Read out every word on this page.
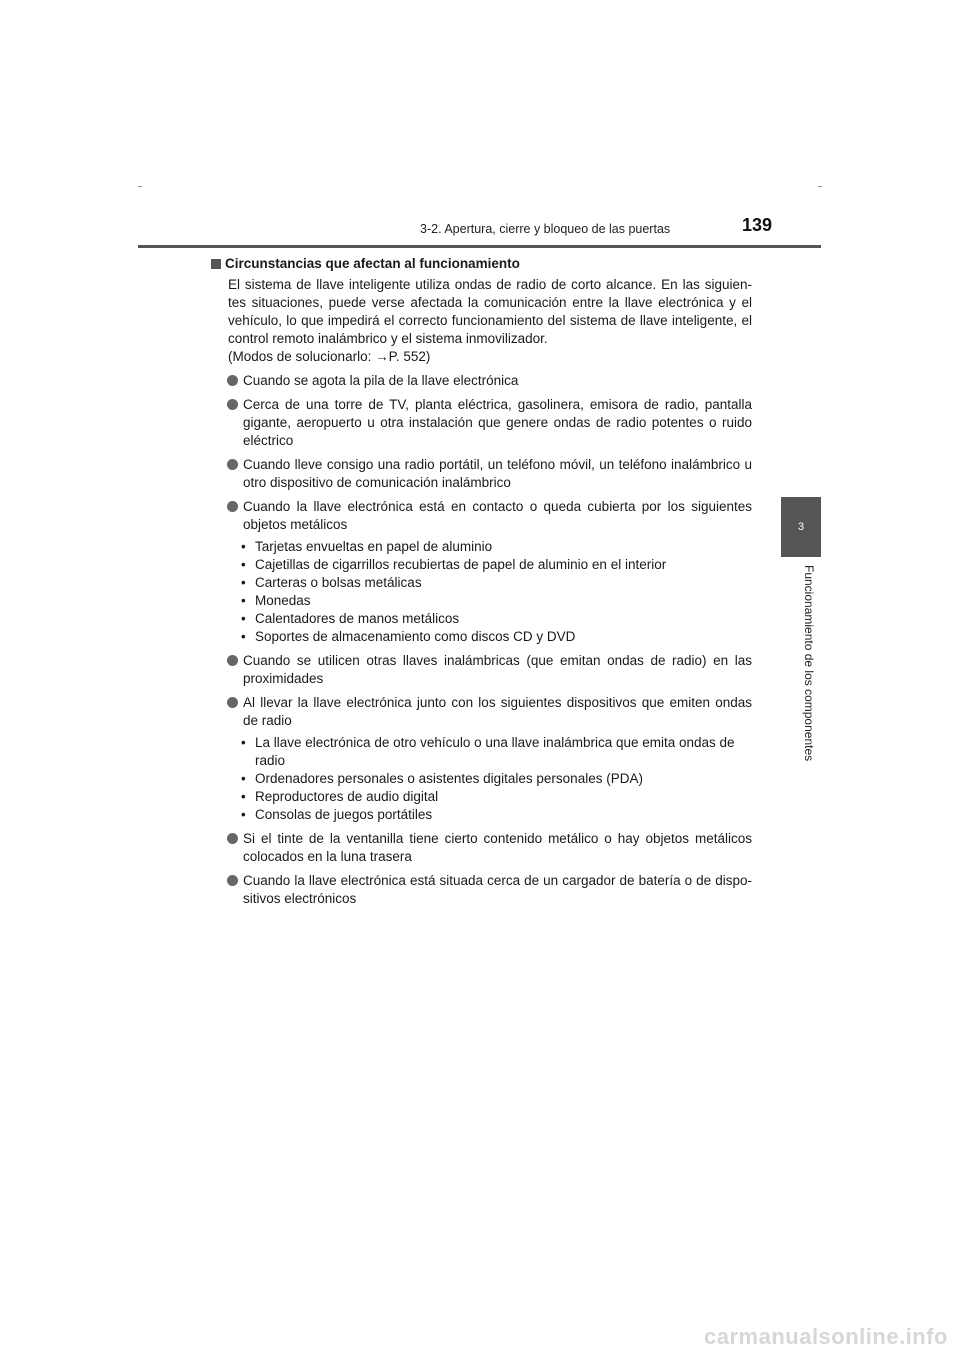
3-2. Apertura, cierre y bloqueo de las puertas	139
3
Funcionamiento de los componentes
Circunstancias que afectan al funcionamiento
El sistema de llave inteligente utiliza ondas de radio de corto alcance. En las siguien-tes situaciones, puede verse afectada la comunicación entre la llave electrónica y el vehículo, lo que impedirá el correcto funcionamiento del sistema de llave inteligente, el control remoto inalámbrico y el sistema inmovilizador.
(Modos de solucionarlo: →P. 552)
Cuando se agota la pila de la llave electrónica
Cerca de una torre de TV, planta eléctrica, gasolinera, emisora de radio, pantalla gigante, aeropuerto u otra instalación que genere ondas de radio potentes o ruido eléctrico
Cuando lleve consigo una radio portátil, un teléfono móvil, un teléfono inalámbrico u otro dispositivo de comunicación inalámbrico
Cuando la llave electrónica está en contacto o queda cubierta por los siguientes objetos metálicos
• Tarjetas envueltas en papel de aluminio
• Cajetillas de cigarrillos recubiertas de papel de aluminio en el interior
• Carteras o bolsas metálicas
• Monedas
• Calentadores de manos metálicos
• Soportes de almacenamiento como discos CD y DVD
Cuando se utilicen otras llaves inalámbricas (que emitan ondas de radio) en las proximidades
Al llevar la llave electrónica junto con los siguientes dispositivos que emiten ondas de radio
• La llave electrónica de otro vehículo o una llave inalámbrica que emita ondas de radio
• Ordenadores personales o asistentes digitales personales (PDA)
• Reproductores de audio digital
• Consolas de juegos portátiles
Si el tinte de la ventanilla tiene cierto contenido metálico o hay objetos metálicos colocados en la luna trasera
Cuando la llave electrónica está situada cerca de un cargador de batería o de dispo-sitivos electrónicos
carmanualsonline.info
